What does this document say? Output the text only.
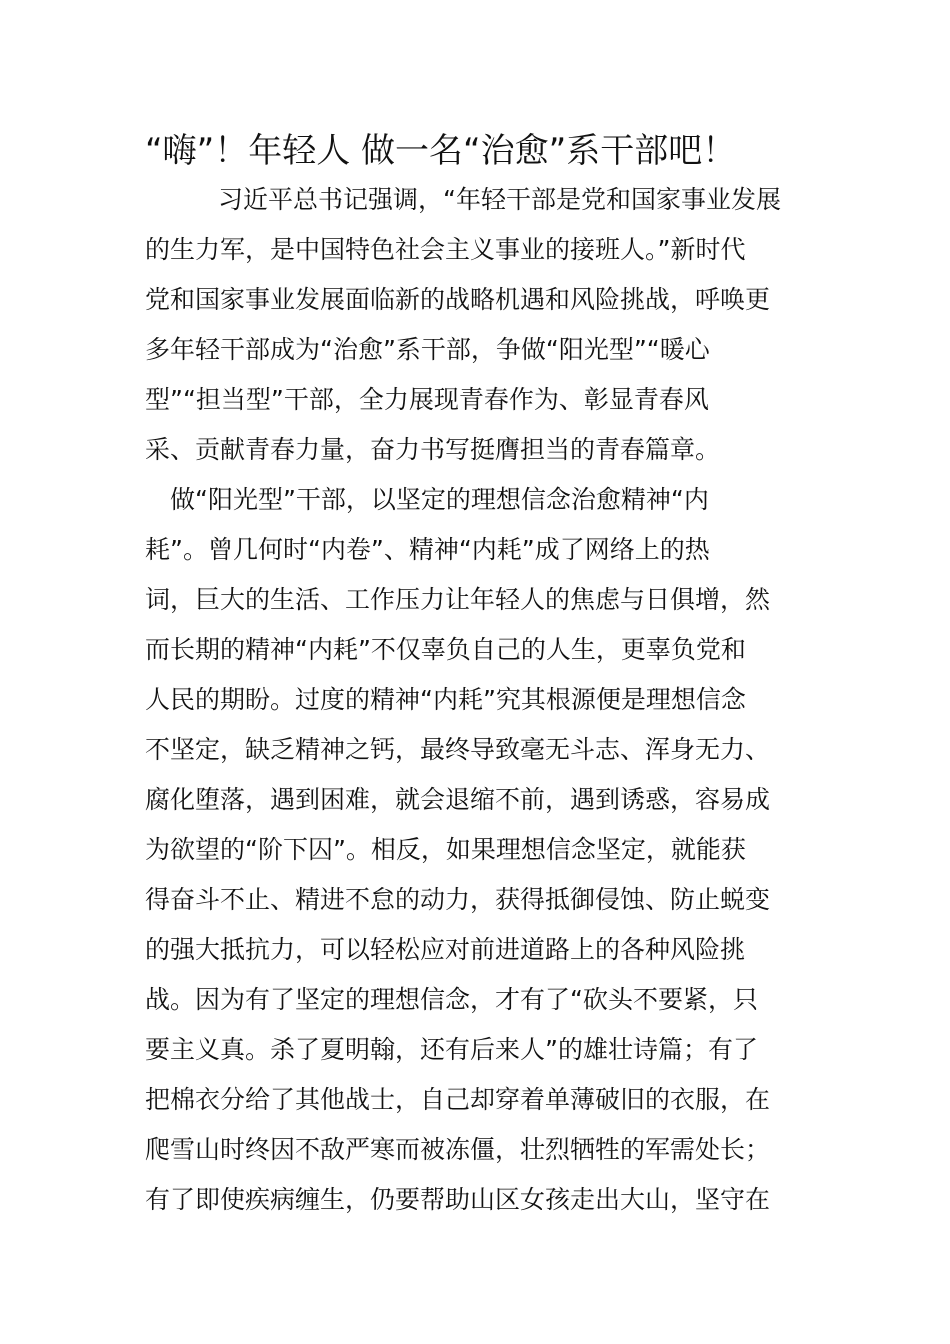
“嗨”！年轻人 做一名“治愈”系干部吧！

习近平总书记强调，“年轻干部是党和国家事业发展

的生力军，是中国特色社会主义事业的接班人。”新时代

党和国家事业发展面临新的战略机遇和风险挑战，呼唤更

多年轻干部成为“治愈”系干部，争做“阳光型”“暖心

型”“担当型”干部，全力展现青春作为、彰显青春风

采、贡献青春力量，奋力书写挺膺担当的青春篇章。

做“阳光型”干部，以坚定的理想信念治愈精神“内

耗”。曾几何时“内卷”、精神“内耗”成了网络上的热

词，巨大的生活、工作压力让年轻人的焦虑与日俱增，然

而长期的精神“内耗”不仅辜负自己的人生，更辜负党和

人民的期盼。过度的精神“内耗”究其根源便是理想信念

不坚定，缺乏精神之钙，最终导致毫无斗志、浑身无力、

腐化堕落，遇到困难，就会退缩不前，遇到诱惑，容易成

为欲望的“阶下囚”。相反，如果理想信念坚定，就能获

得奋斗不止、精进不怠的动力，获得抵御侵蚀、防止蜕变

的强大抵抗力，可以轻松应对前进道路上的各种风险挑

战。因为有了坚定的理想信念，才有了“砍头不要紧，只

要主义真。杀了夏明翰，还有后来人”的雄壮诗篇；有了

把棉衣分给了其他战士，自己却穿着单薄破旧的衣服，在

爬雪山时终因不敌严寒而被冻僵，壮烈牺牲的军需处长；

有了即使疾病缠生，仍要帮助山区女孩走出大山，坚守在
